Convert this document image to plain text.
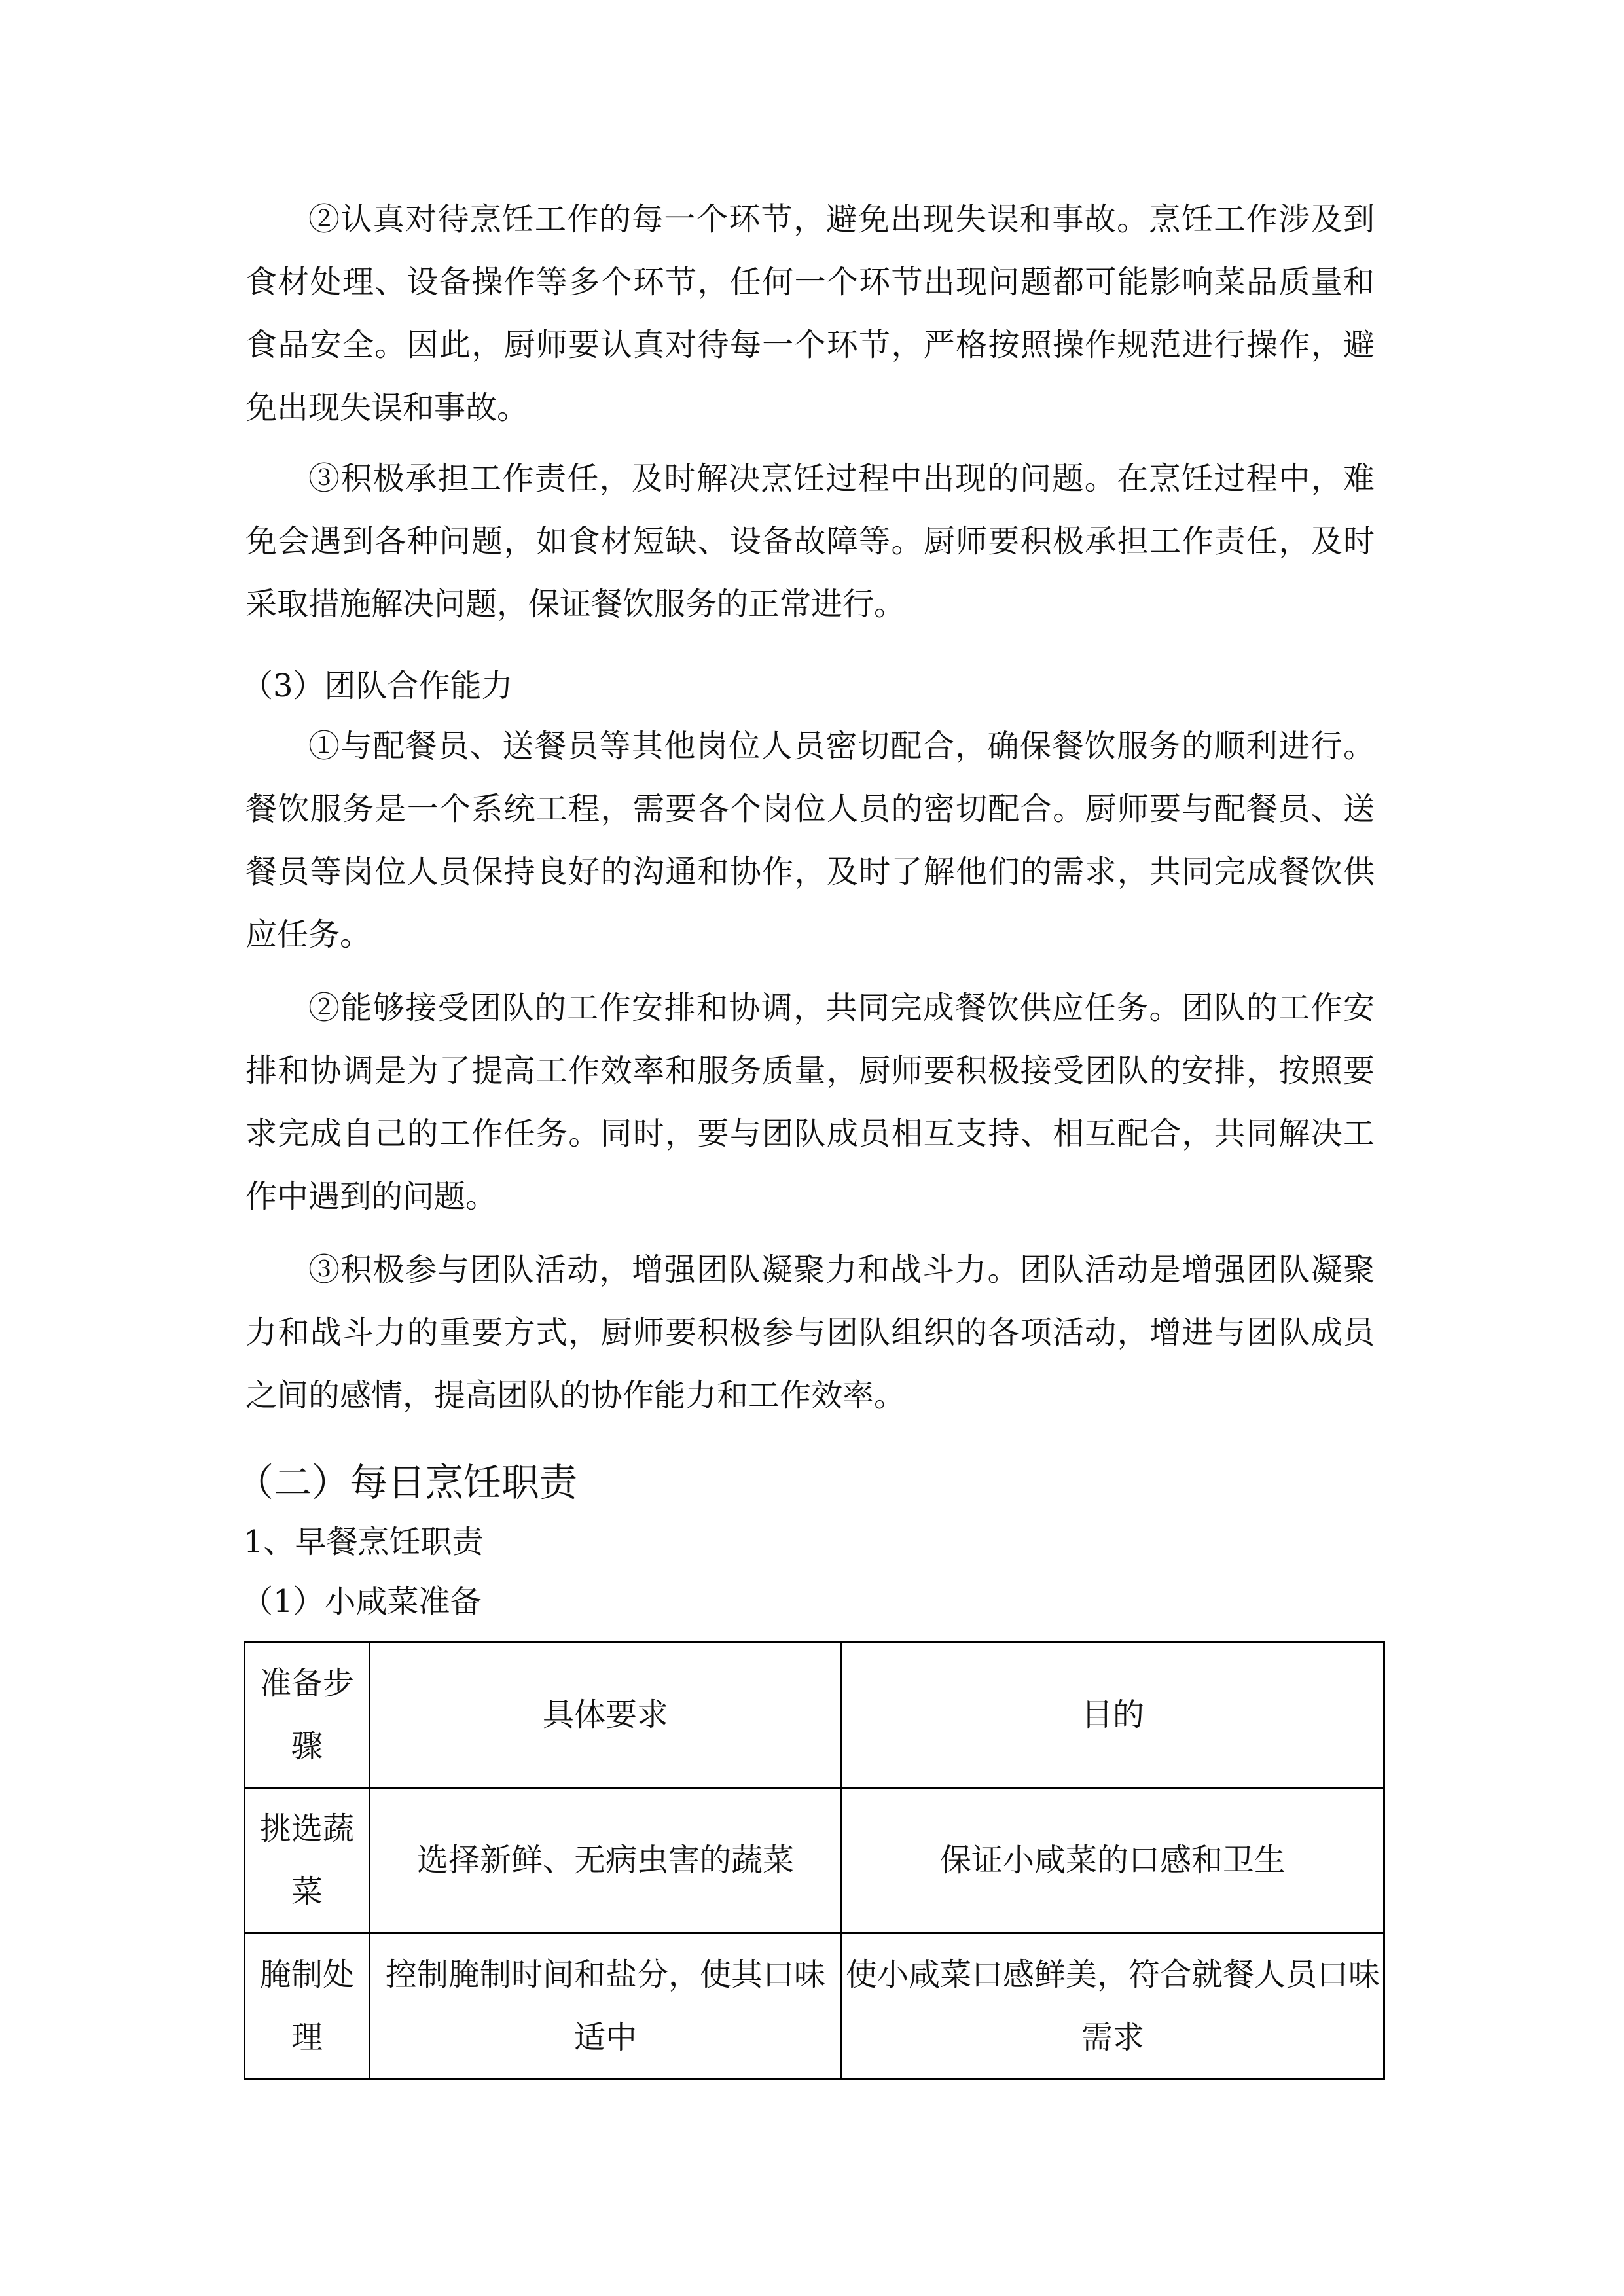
②认真对待烹饪工作的每一个环节，避免出现失误和事故。烹饪工作涉及到食材处理、设备操作等多个环节，任何一个环节出现问题都可能影响菜品质量和食品安全。因此，厨师要认真对待每一个环节，严格按照操作规范进行操作，避免出现失误和事故。

③积极承担工作责任，及时解决烹饪过程中出现的问题。在烹饪过程中，难免会遇到各种问题，如食材短缺、设备故障等。厨师要积极承担工作责任，及时采取措施解决问题，保证餐饮服务的正常进行。

（3）团队合作能力

①与配餐员、送餐员等其他岗位人员密切配合，确保餐饮服务的顺利进行。餐饮服务是一个系统工程，需要各个岗位人员的密切配合。厨师要与配餐员、送餐员等岗位人员保持良好的沟通和协作，及时了解他们的需求，共同完成餐饮供应任务。

②能够接受团队的工作安排和协调，共同完成餐饮供应任务。团队的工作安排和协调是为了提高工作效率和服务质量，厨师要积极接受团队的安排，按照要求完成自己的工作任务。同时，要与团队成员相互支持、相互配合，共同解决工作中遇到的问题。

③积极参与团队活动，增强团队凝聚力和战斗力。团队活动是增强团队凝聚力和战斗力的重要方式，厨师要积极参与团队组织的各项活动，增进与团队成员之间的感情，提高团队的协作能力和工作效率。

（二）每日烹饪职责
1、早餐烹饪职责
（1）小咸菜准备
准备步骤	具体要求	目的
挑选蔬菜	选择新鲜、无病虫害的蔬菜	保证小咸菜的口感和卫生
腌制处理	控制腌制时间和盐分，使其口味适中	使小咸菜口感鲜美，符合就餐人员口味需求
